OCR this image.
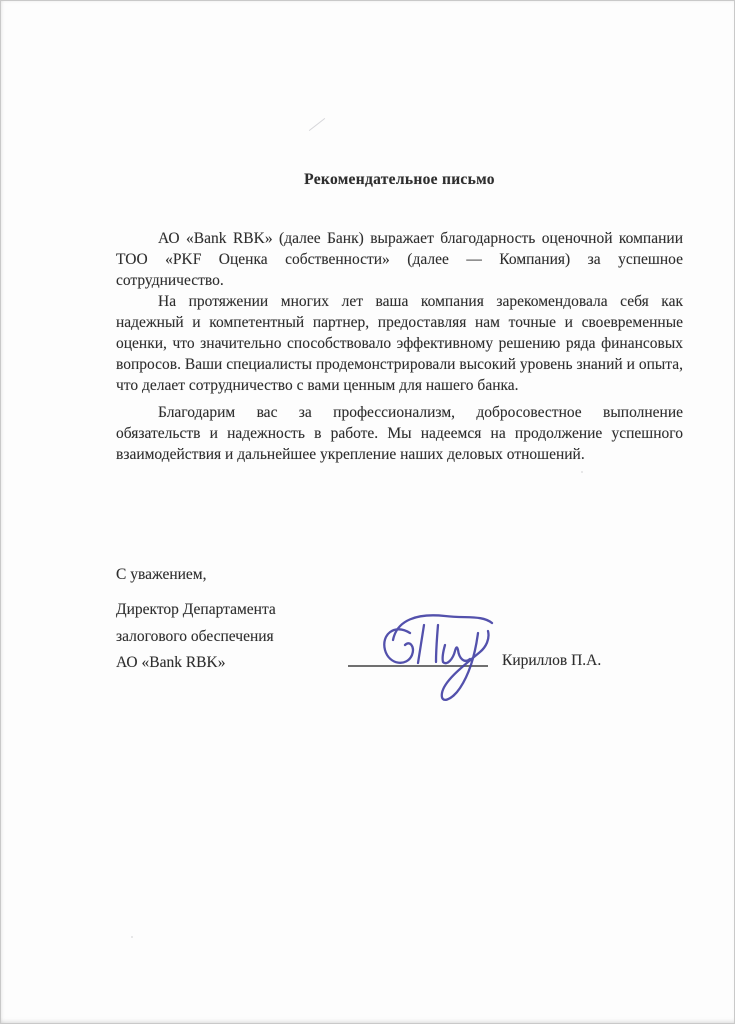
Рекомендательное письмо

АО «Bank RBK» (далее Банк) выражает благодарность оценочной компании ТОО «PKF Оценка собственности» (далее — Компания) за успешное сотрудничество.

На протяжении многих лет ваша компания зарекомендовала себя как надежный и компетентный партнер, предоставляя нам точные и своевременные оценки, что значительно способствовало эффективному решению ряда финансовых вопросов. Ваши специалисты продемонстрировали высокий уровень знаний и опыта, что делает сотрудничество с вами ценным для нашего банка.

Благодарим вас за профессионализм, добросовестное выполнение обязательств и надежность в работе. Мы надеемся на продолжение успешного взаимодействия и дальнейшее укрепление наших деловых отношений.

С уважением,

Директор Департамента

залогового обеспечения

АО «Bank RBK»	Кириллов П.А.
